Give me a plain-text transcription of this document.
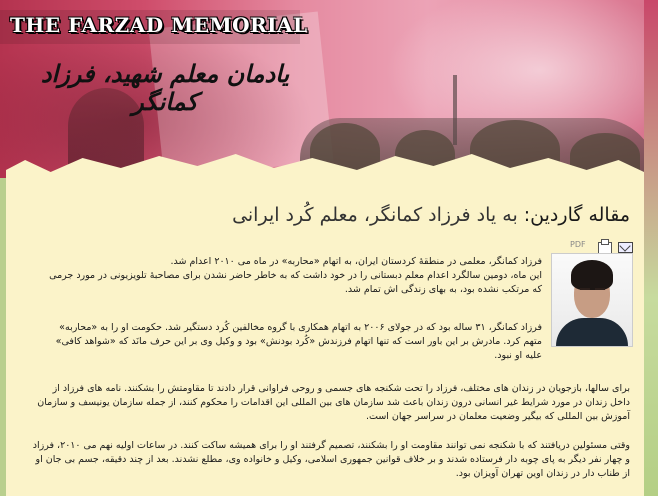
THE FARZAD MEMORIAL
یادمان معلم شهید، فرزاد کمانگر
مقاله گاردین: به یاد فرزاد کمانگر، معلم کُرد ایرانی
PDF
فرزاد کمانگر، معلمی در منطقهٔ کردستان ایران، به اتهام «محاربه» در ماه می ۲۰۱۰ اعدام شد.
این ماه، دومین سالگرد اعدام معلم دبستانی را در خود داشت که به خاطر حاضر نشدن برای مصاحبهٔ تلویزیونی در مورد جرمی
که مرتکب نشده بود، به بهای زندگی اش تمام شد.
فرزاد کمانگر، ۳۱ ساله بود که در جولای ۲۰۰۶ به اتهام همکاری با گروه مخالفین کُرد دستگیر شد. حکومت او را به «محاربه»
متهم کرد. مادرش بر این باور است که تنها اتهام فرزندش «کُرد بودنش» بود و وکیل وی بر این حرف مانَد که «شواهد کافی»
علیه او نبود.
برای سالها، بازجویان در زندان های مختلف، فرزاد را تحت شکنجه های جسمی و روحی فراوانی قرار دادند تا مقاومتش را بشکنند. نامه های فرزاد از
داخل زندان در مورد شرایط غیر انسانی درون زندان باعث شد سازمان های بین المللی این اقدامات را محکوم کنند، از جمله سازمان یونیسف و سازمان
آموزش بین المللی که بیگیر وضعیت معلمان در سراسر جهان است.
وقتی مسئولین دریافتند که با شکنجه نمی توانند مقاومت او را بشکنند، تصمیم گرفتند او را برای همیشه ساکت کنند. در ساعات اولیه نهم می ۲۰۱۰، فرزاد
و چهار نفر دیگر به پای چوبه دار فرستاده شدند و بر خلاف قوانین جمهوری اسلامی، وکیل و خانواده وی، مطلع نشدند. بعد از چند دقیقه، جسم بی جان او
از طناب دار در زندان اوین تهران آویزان بود.
